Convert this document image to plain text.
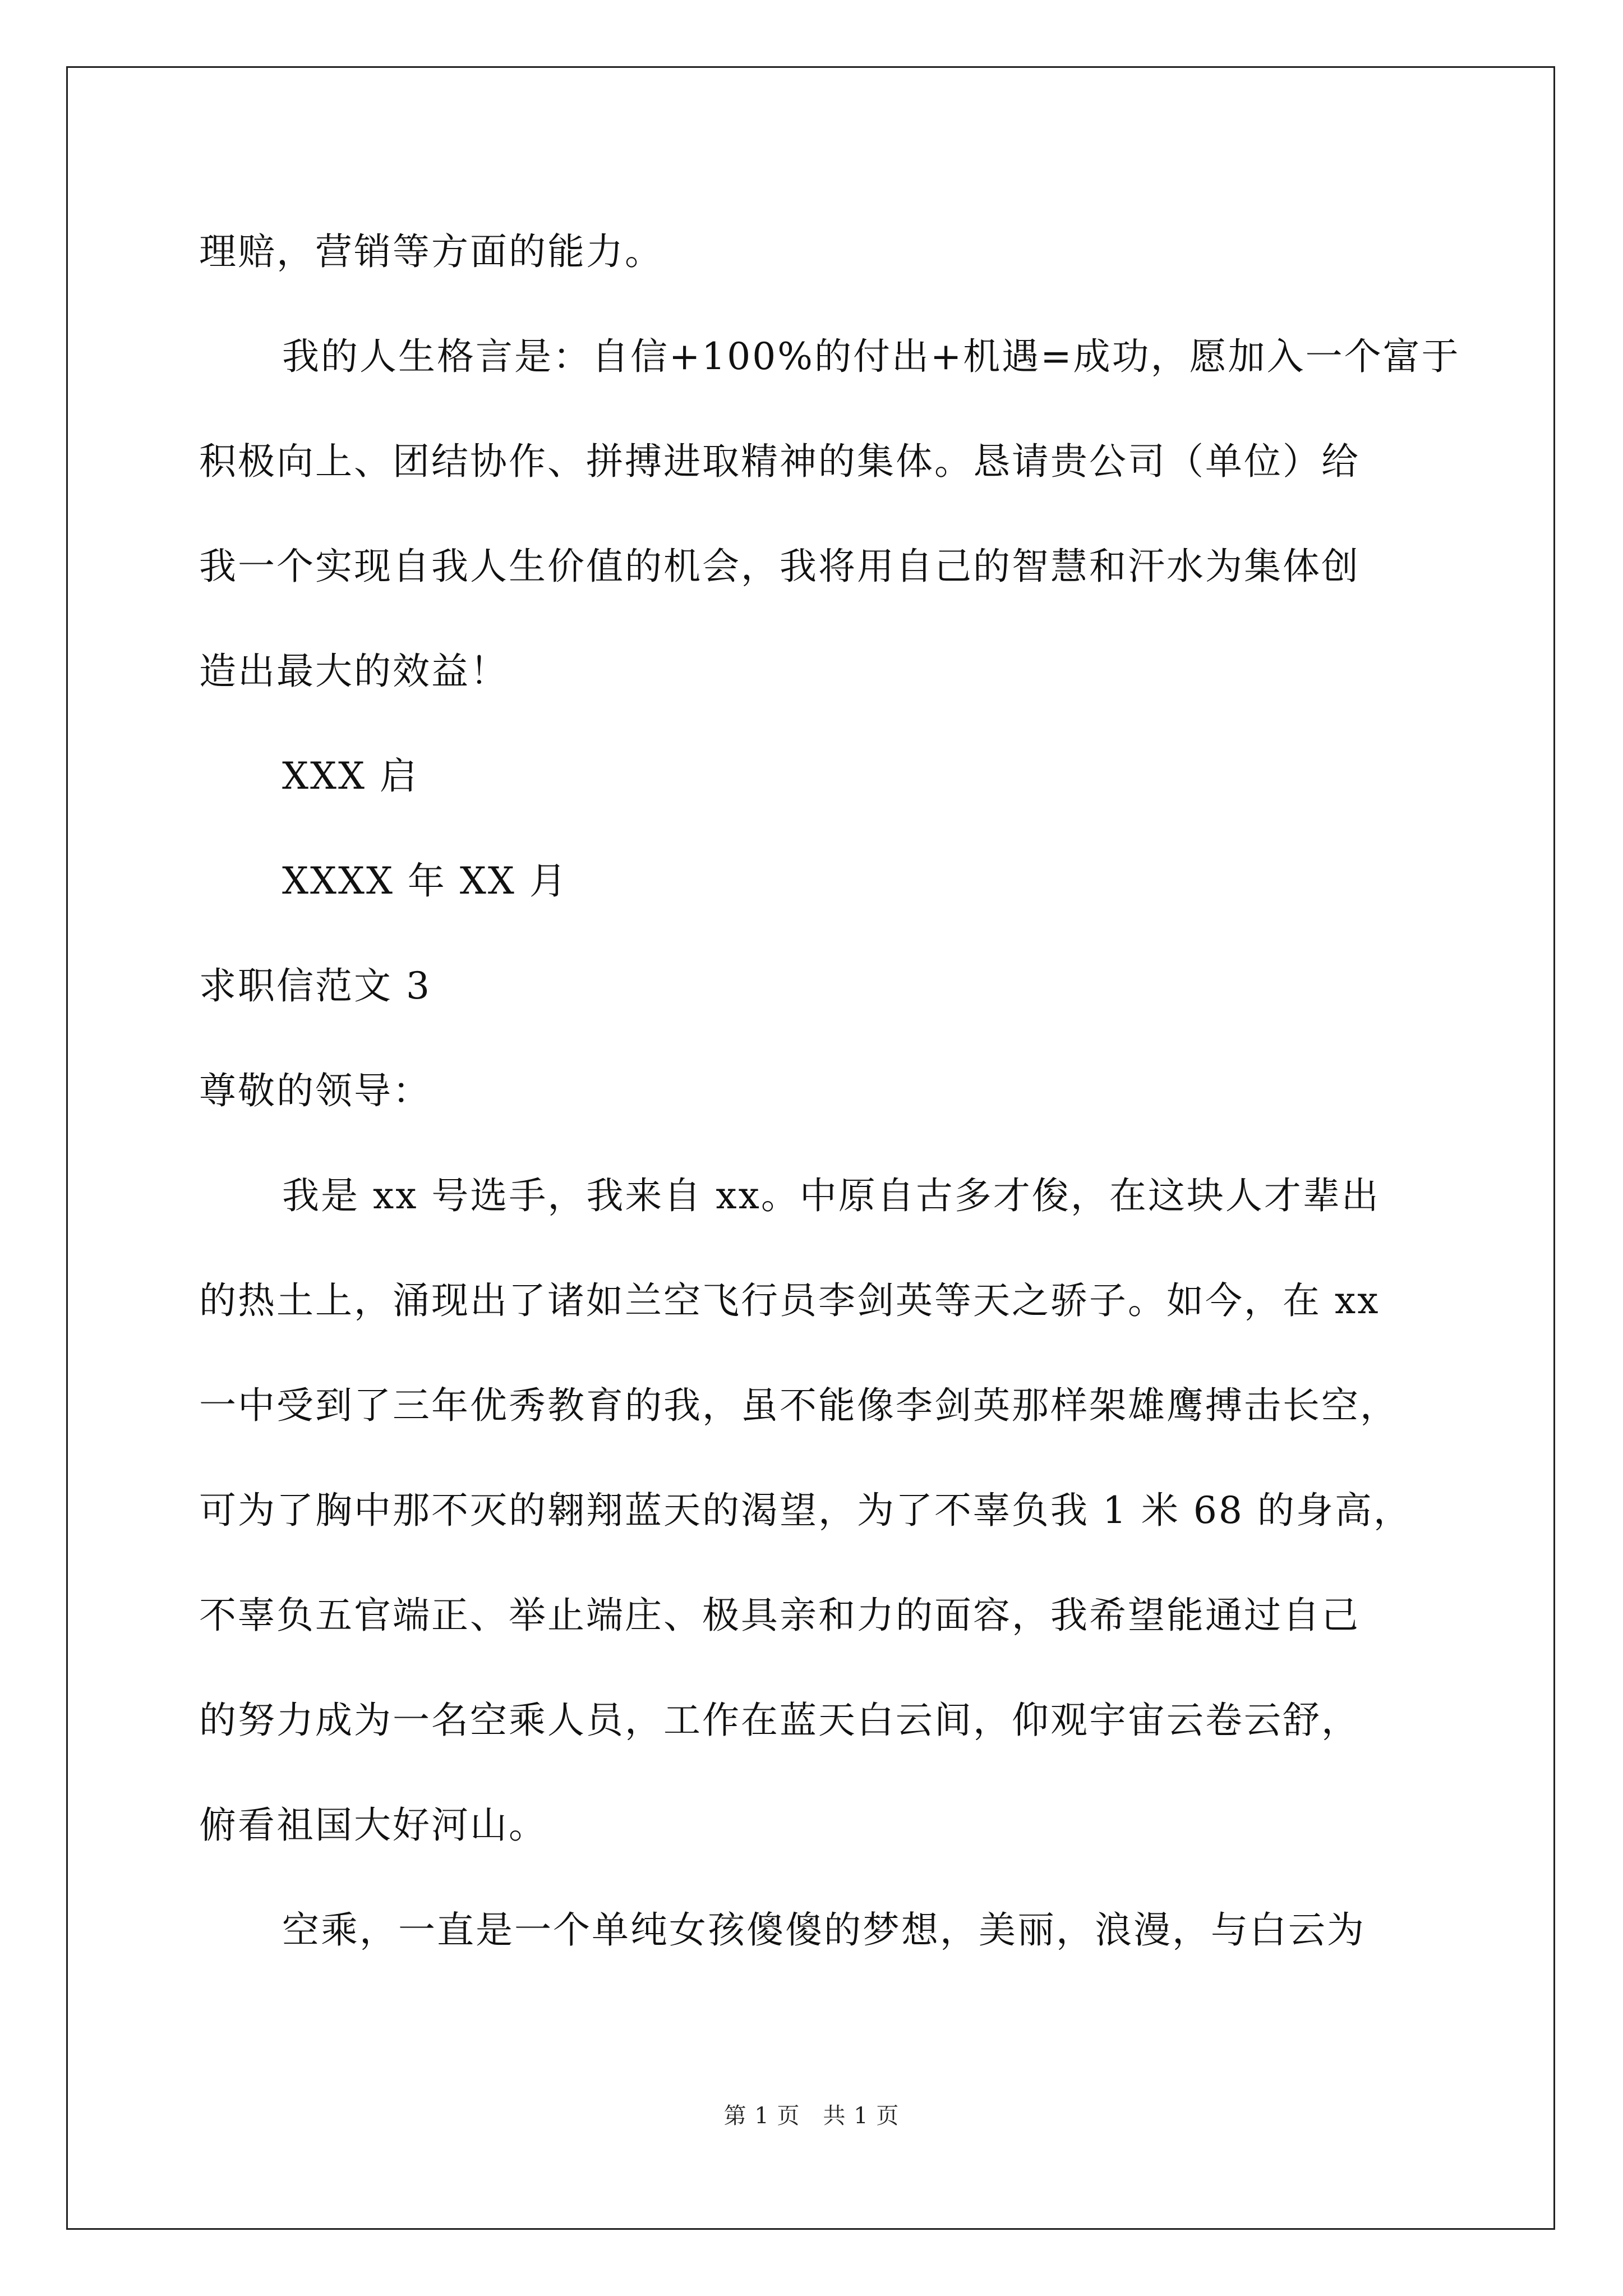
理赔，营销等方面的能力。

我的人生格言是：自信+100%的付出+机遇=成功，愿加入一个富于

积极向上、团结协作、拼搏进取精神的集体。恳请贵公司（单位）给

我一个实现自我人生价值的机会，我将用自己的智慧和汗水为集体创

造出最大的效益！

XXX 启

XXXX 年 XX 月

求职信范文 3

尊敬的领导：

我是 xx 号选手，我来自 xx。中原自古多才俊，在这块人才辈出

的热土上，涌现出了诸如兰空飞行员李剑英等天之骄子。如今，在 xx

一中受到了三年优秀教育的我，虽不能像李剑英那样架雄鹰搏击长空，

可为了胸中那不灭的翱翔蓝天的渴望，为了不辜负我 1 米 68 的身高，

不辜负五官端正、举止端庄、极具亲和力的面容，我希望能通过自己

的努力成为一名空乘人员，工作在蓝天白云间，仰观宇宙云卷云舒，

俯看祖国大好河山。

空乘，一直是一个单纯女孩傻傻的梦想，美丽，浪漫，与白云为

第 1 页　共 1 页
